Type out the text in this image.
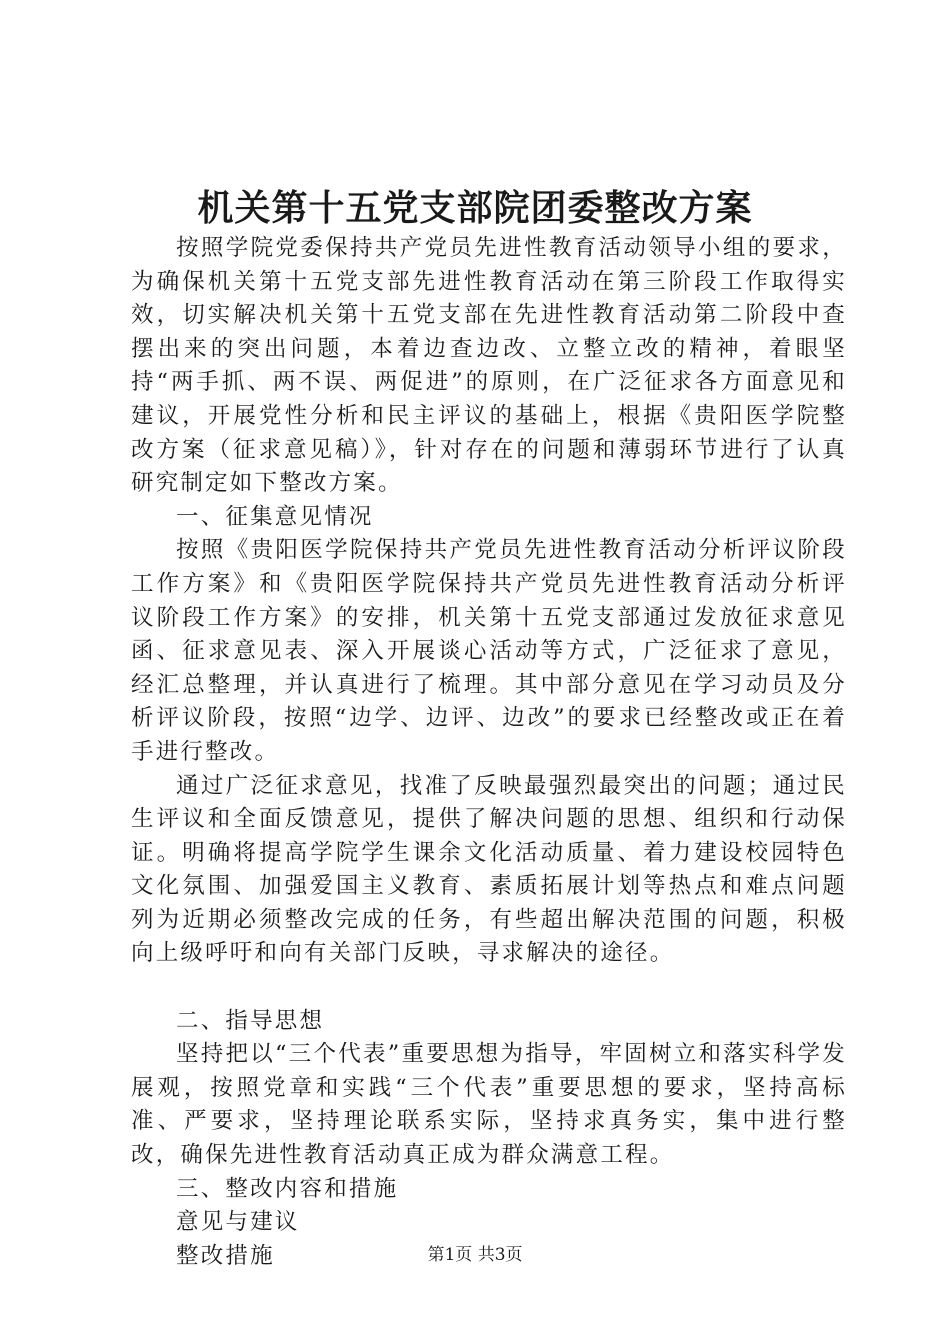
机关第十五党支部院团委整改方案

按照学院党委保持共产党员先进性教育活动领导小组的要求，为确保机关第十五党支部先进性教育活动在第三阶段工作取得实效，切实解决机关第十五党支部在先进性教育活动第二阶段中查摆出来的突出问题，本着边查边改、立整立改的精神，着眼坚持“两手抓、两不误、两促进”的原则，在广泛征求各方面意见和建议，开展党性分析和民主评议的基础上，根据《贵阳医学院整改方案（征求意见稿）》，针对存在的问题和薄弱环节进行了认真研究制定如下整改方案。

一、征集意见情况

按照《贵阳医学院保持共产党员先进性教育活动分析评议阶段工作方案》和《贵阳医学院保持共产党员先进性教育活动分析评议阶段工作方案》的安排，机关第十五党支部通过发放征求意见函、征求意见表、深入开展谈心活动等方式，广泛征求了意见，经汇总整理，并认真进行了梳理。其中部分意见在学习动员及分析评议阶段，按照“边学、边评、边改”的要求已经整改或正在着手进行整改。

通过广泛征求意见，找准了反映最强烈最突出的问题；通过民生评议和全面反馈意见，提供了解决问题的思想、组织和行动保证。明确将提高学院学生课余文化活动质量、着力建设校园特色文化氛围、加强爱国主义教育、素质拓展计划等热点和难点问题列为近期必须整改完成的任务，有些超出解决范围的问题，积极向上级呼吁和向有关部门反映，寻求解决的途径。

二、指导思想

坚持把以“三个代表”重要思想为指导，牢固树立和落实科学发展观，按照党章和实践“三个代表”重要思想的要求，坚持高标准、严要求，坚持理论联系实际，坚持求真务实，集中进行整改，确保先进性教育活动真正成为群众满意工程。

三、整改内容和措施

意见与建议

整改措施	第1页 共3页
